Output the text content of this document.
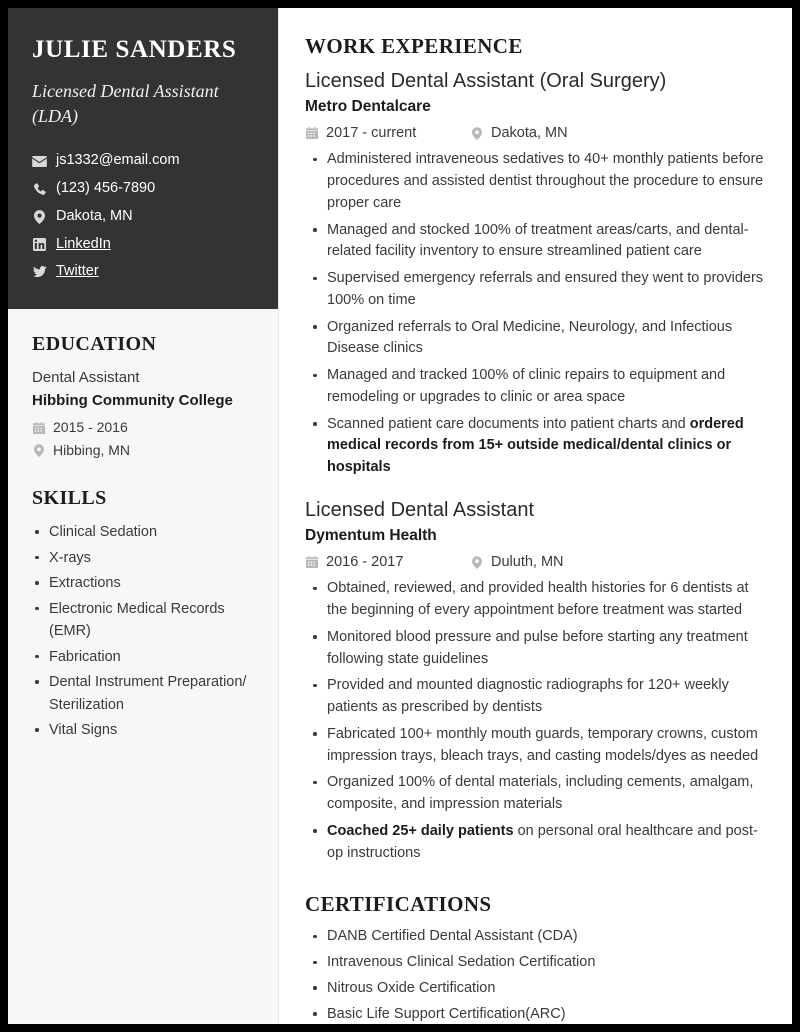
JULIE SANDERS
Licensed Dental Assistant (LDA)
js1332@email.com
(123) 456-7890
Dakota, MN
LinkedIn
Twitter
EDUCATION
Dental Assistant
Hibbing Community College
2015 - 2016
Hibbing, MN
SKILLS
Clinical Sedation
X-rays
Extractions
Electronic Medical Records (EMR)
Fabrication
Dental Instrument Preparation/ Sterilization
Vital Signs
WORK EXPERIENCE
Licensed Dental Assistant (Oral Surgery)
Metro Dentalcare
2017 - current	Dakota, MN
Administered intraveneous sedatives to 40+ monthly patients before procedures and assisted dentist throughout the procedure to ensure proper care
Managed and stocked 100% of treatment areas/carts, and dental-related facility inventory to ensure streamlined patient care
Supervised emergency referrals and ensured they went to providers 100% on time
Organized referrals to Oral Medicine, Neurology, and Infectious Disease clinics
Managed and tracked 100% of clinic repairs to equipment and remodeling or upgrades to clinic or area space
Scanned patient care documents into patient charts and ordered medical records from 15+ outside medical/dental clinics or hospitals
Licensed Dental Assistant
Dymentum Health
2016 - 2017	Duluth, MN
Obtained, reviewed, and provided health histories for 6 dentists at the beginning of every appointment before treatment was started
Monitored blood pressure and pulse before starting any treatment following state guidelines
Provided and mounted diagnostic radiographs for 120+ weekly patients as prescribed by dentists
Fabricated 100+ monthly mouth guards, temporary crowns, custom impression trays, bleach trays, and casting models/dyes as needed
Organized 100% of dental materials, including cements, amalgam, composite, and impression materials
Coached 25+ daily patients on personal oral healthcare and post-op instructions
CERTIFICATIONS
DANB Certified Dental Assistant (CDA)
Intravenous Clinical Sedation Certification
Nitrous Oxide Certification
Basic Life Support Certification(ARC)
